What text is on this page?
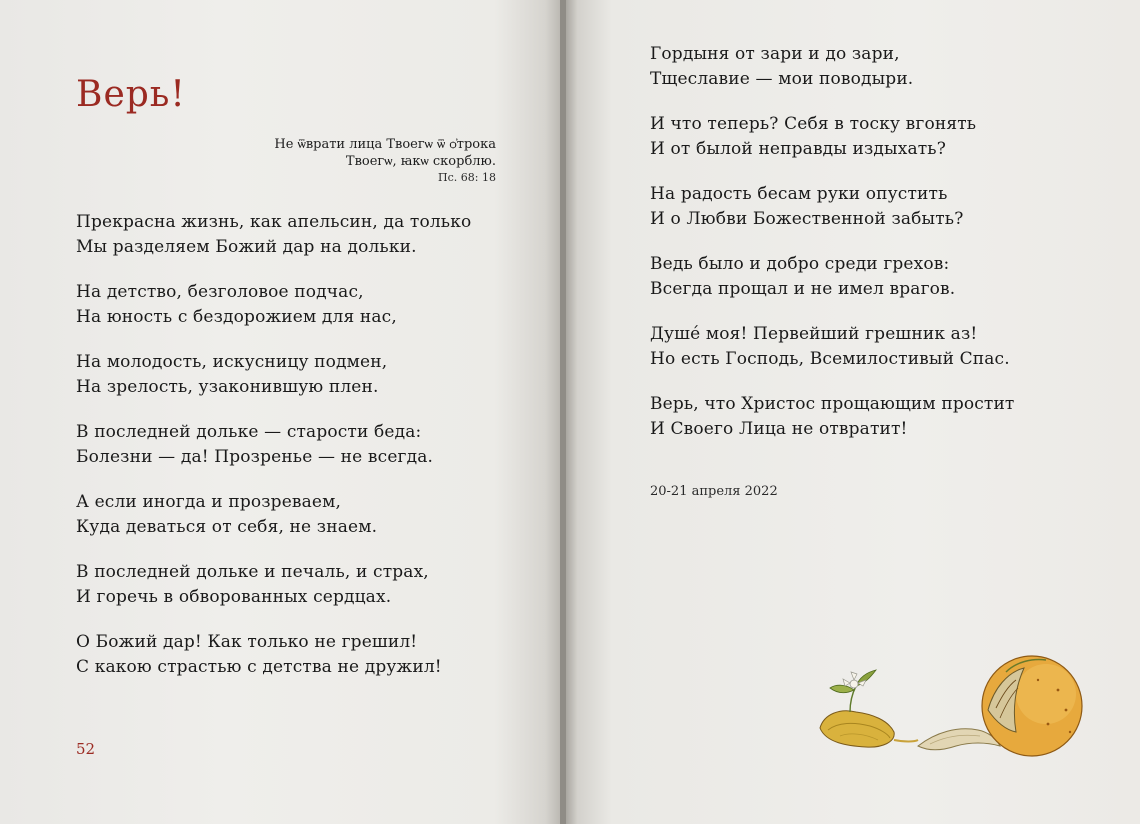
Верь!
Не ѿврати лица Твоегѡ ѿ ѻ҆трока
Твоегѡ, ꙗкѡ скорблю.
Пс. 68: 18
Прекрасна жизнь, как апельсин, да только
Мы разделяем Божий дар на дольки.
На детство, безголовое подчас,
На юность с бездорожием для нас,
На молодость, искусницу подмен,
На зрелость, узаконившую плен.
В последней дольке — старости беда:
Болезни — да! Прозренье — не всегда.
А если иногда и прозреваем,
Куда деваться от себя, не знаем.
В последней дольке и печаль, и страх,
И горечь в обворованных сердцах.
О Божий дар! Как только не грешил!
С какою страстью с детства не дружил!
52
Гордыня от зари и до зари,
Тщеславие — мои поводыри.
И что теперь? Себя в тоску вгонять
И от былой неправды издыхать?
На радость бесам руки опустить
И о Любви Божественной забыть?
Ведь было и добро среди грехов:
Всегда прощал и не имел врагов.
Душé моя! Первейший грешник аз!
Но есть Господь, Всемилостивый Спас.
Верь, что Христос прощающим простит
И Своего Лица не отвратит!
20-21 апреля 2022
